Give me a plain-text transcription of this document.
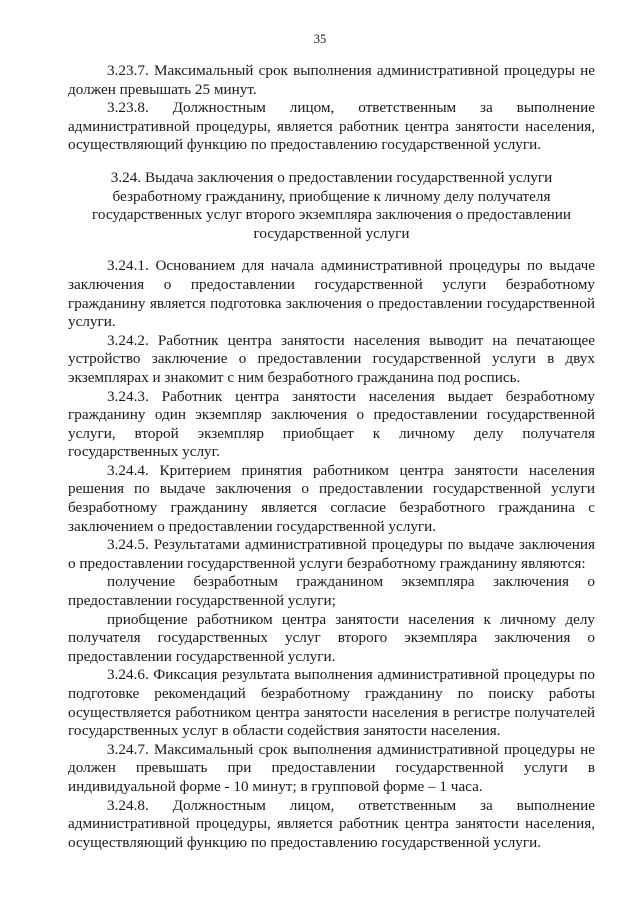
35

3.23.7. Максимальный срок выполнения административной процедуры не должен превышать 25 минут.

3.23.8. Должностным лицом, ответственным за выполнение административной процедуры, является работник центра занятости населения, осуществляющий функцию по предоставлению государственной услуги.

3.24. Выдача заключения о предоставлении государственной услуги безработному гражданину, приобщение к личному делу получателя государственных услуг второго экземпляра заключения о предоставлении государственной услуги

3.24.1. Основанием для начала административной процедуры по выдаче заключения о предоставлении государственной услуги безработному гражданину является подготовка заключения о предоставлении государственной услуги.

3.24.2. Работник центра занятости населения выводит на печатающее устройство заключение о предоставлении государственной услуги в двух экземплярах и знакомит с ним безработного гражданина под роспись.

3.24.3. Работник центра занятости населения выдает безработному гражданину один экземпляр заключения о предоставлении государственной услуги, второй экземпляр приобщает к личному делу получателя государственных услуг.

3.24.4. Критерием принятия работником центра занятости населения решения по выдаче заключения о предоставлении государственной услуги безработному гражданину является согласие безработного гражданина с заключением о предоставлении государственной услуги.

3.24.5. Результатами административной процедуры по выдаче заключения о предоставлении государственной услуги безработному гражданину являются:

получение безработным гражданином экземпляра заключения о предоставлении государственной услуги;

приобщение работником центра занятости населения к личному делу получателя государственных услуг второго экземпляра заключения о предоставлении государственной услуги.

3.24.6. Фиксация результата выполнения административной процедуры по подготовке рекомендаций безработному гражданину по поиску работы осуществляется работником центра занятости населения в регистре получателей государственных услуг в области содействия занятости населения.

3.24.7. Максимальный срок выполнения административной процедуры не должен превышать при предоставлении государственной услуги в индивидуальной форме - 10 минут; в групповой форме – 1 часа.

3.24.8. Должностным лицом, ответственным за выполнение административной процедуры, является работник центра занятости населения, осуществляющий функцию по предоставлению государственной услуги.
